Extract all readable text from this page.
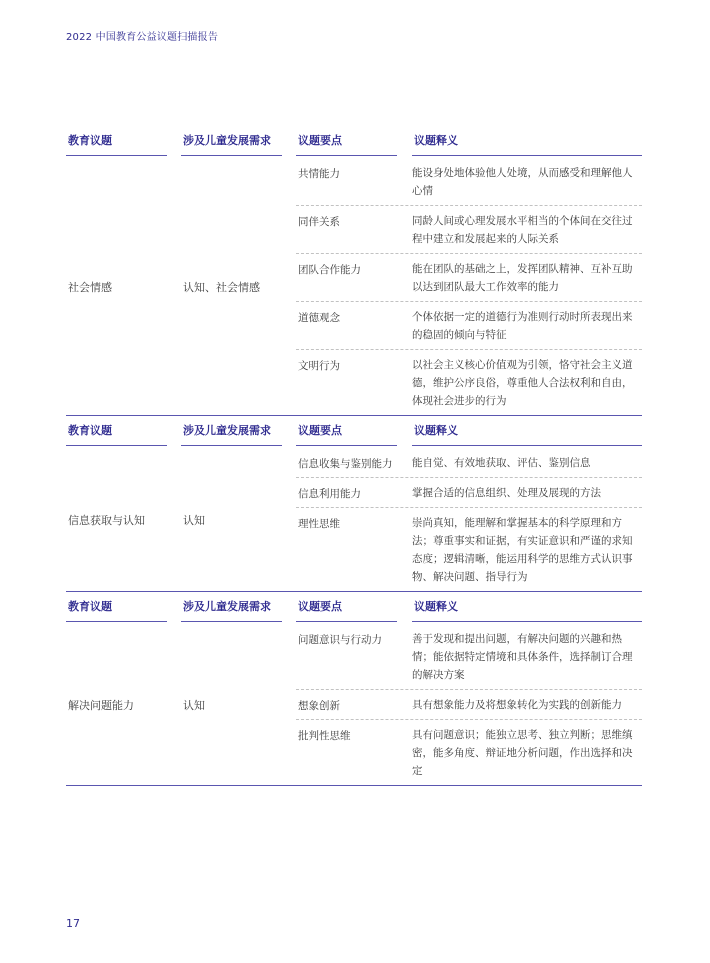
2022 中国教育公益议题扫描报告
教育议题	涉及儿童发展需求	议题要点	议题释义
社会情感	认知、社会情感
共情能力	能设身处地体验他人处境，从而感受和理解他人心情
同伴关系	同龄人间或心理发展水平相当的个体间在交往过程中建立和发展起来的人际关系
团队合作能力	能在团队的基础之上，发挥团队精神、互补互助以达到团队最大工作效率的能力
道德观念	个体依据一定的道德行为准则行动时所表现出来的稳固的倾向与特征
文明行为	以社会主义核心价值观为引领，恪守社会主义道德，维护公序良俗，尊重他人合法权利和自由，体现社会进步的行为
教育议题	涉及儿童发展需求	议题要点	议题释义
信息获取与认知	认知
信息收集与鉴别能力	能自觉、有效地获取、评估、鉴别信息
信息利用能力	掌握合适的信息组织、处理及展现的方法
理性思维	崇尚真知，能理解和掌握基本的科学原理和方法；尊重事实和证据，有实证意识和严谨的求知态度；逻辑清晰，能运用科学的思维方式认识事物、解决问题、指导行为
教育议题	涉及儿童发展需求	议题要点	议题释义
解决问题能力	认知
问题意识与行动力	善于发现和提出问题，有解决问题的兴趣和热情；能依据特定情境和具体条件，选择制订合理的解决方案
想象创新	具有想象能力及将想象转化为实践的创新能力
批判性思维	具有问题意识；能独立思考、独立判断；思维缜密，能多角度、辩证地分析问题，作出选择和决定
17
